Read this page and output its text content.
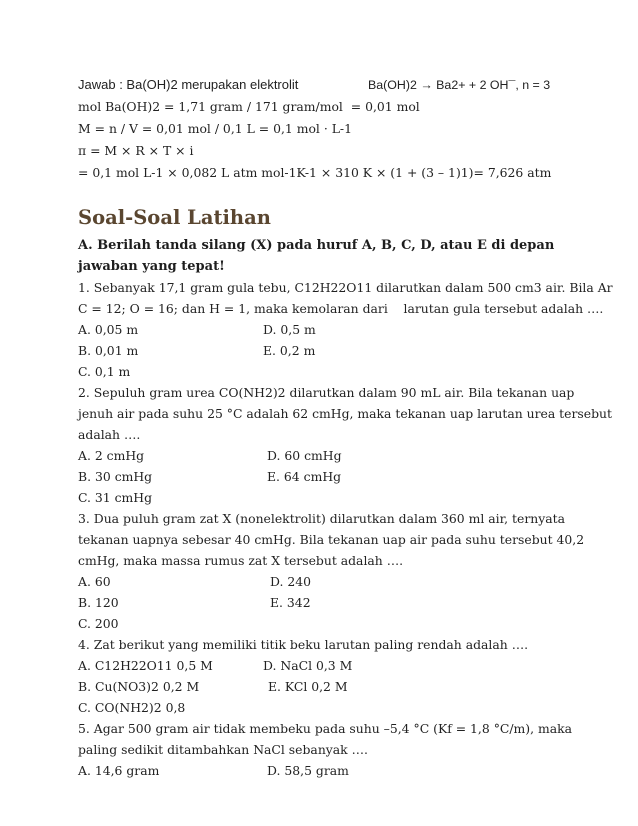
Jawab : Ba(OH)2 merupakan elektrolit	Ba(OH)2 → Ba2+ + 2 OH¯, n = 3
mol Ba(OH)2 = 1,71 gram / 171 gram/mol  = 0,01 mol
M = n / V = 0,01 mol / 0,1 L = 0,1 mol · L-1
π = M × R × T × i
= 0,1 mol L-1 × 0,082 L atm mol-1K-1 × 310 K × (1 + (3 – 1)1)= 7,626 atm
Soal-Soal Latihan
A. Berilah tanda silang (X) pada huruf A, B, C, D, atau E di depan
jawaban yang tepat!
1. Sebanyak 17,1 gram gula tebu, C12H22O11 dilarutkan dalam 500 cm3 air. Bila Ar
C = 12; O = 16; dan H = 1, maka kemolaran dari    larutan gula tersebut adalah ….
A. 0,05 m	D. 0,5 m
B. 0,01 m	E. 0,2 m
C. 0,1 m
2. Sepuluh gram urea CO(NH2)2 dilarutkan dalam 90 mL air. Bila tekanan uap
jenuh air pada suhu 25 °C adalah 62 cmHg, maka tekanan uap larutan urea tersebut
adalah ….
A. 2 cmHg	D. 60 cmHg
B. 30 cmHg	E. 64 cmHg
C. 31 cmHg
3. Dua puluh gram zat X (nonelektrolit) dilarutkan dalam 360 ml air, ternyata
tekanan uapnya sebesar 40 cmHg. Bila tekanan uap air pada suhu tersebut 40,2
cmHg, maka massa rumus zat X tersebut adalah ….
A. 60	D. 240
B. 120	E. 342
C. 200
4. Zat berikut yang memiliki titik beku larutan paling rendah adalah ….
A. C12H22O11 0,5 M	D. NaCl 0,3 M
B. Cu(NO3)2 0,2 M	E. KCl 0,2 M
C. CO(NH2)2 0,8
5. Agar 500 gram air tidak membeku pada suhu –5,4 °C (Kf = 1,8 °C/m), maka
paling sedikit ditambahkan NaCl sebanyak ….
A. 14,6 gram	D. 58,5 gram
